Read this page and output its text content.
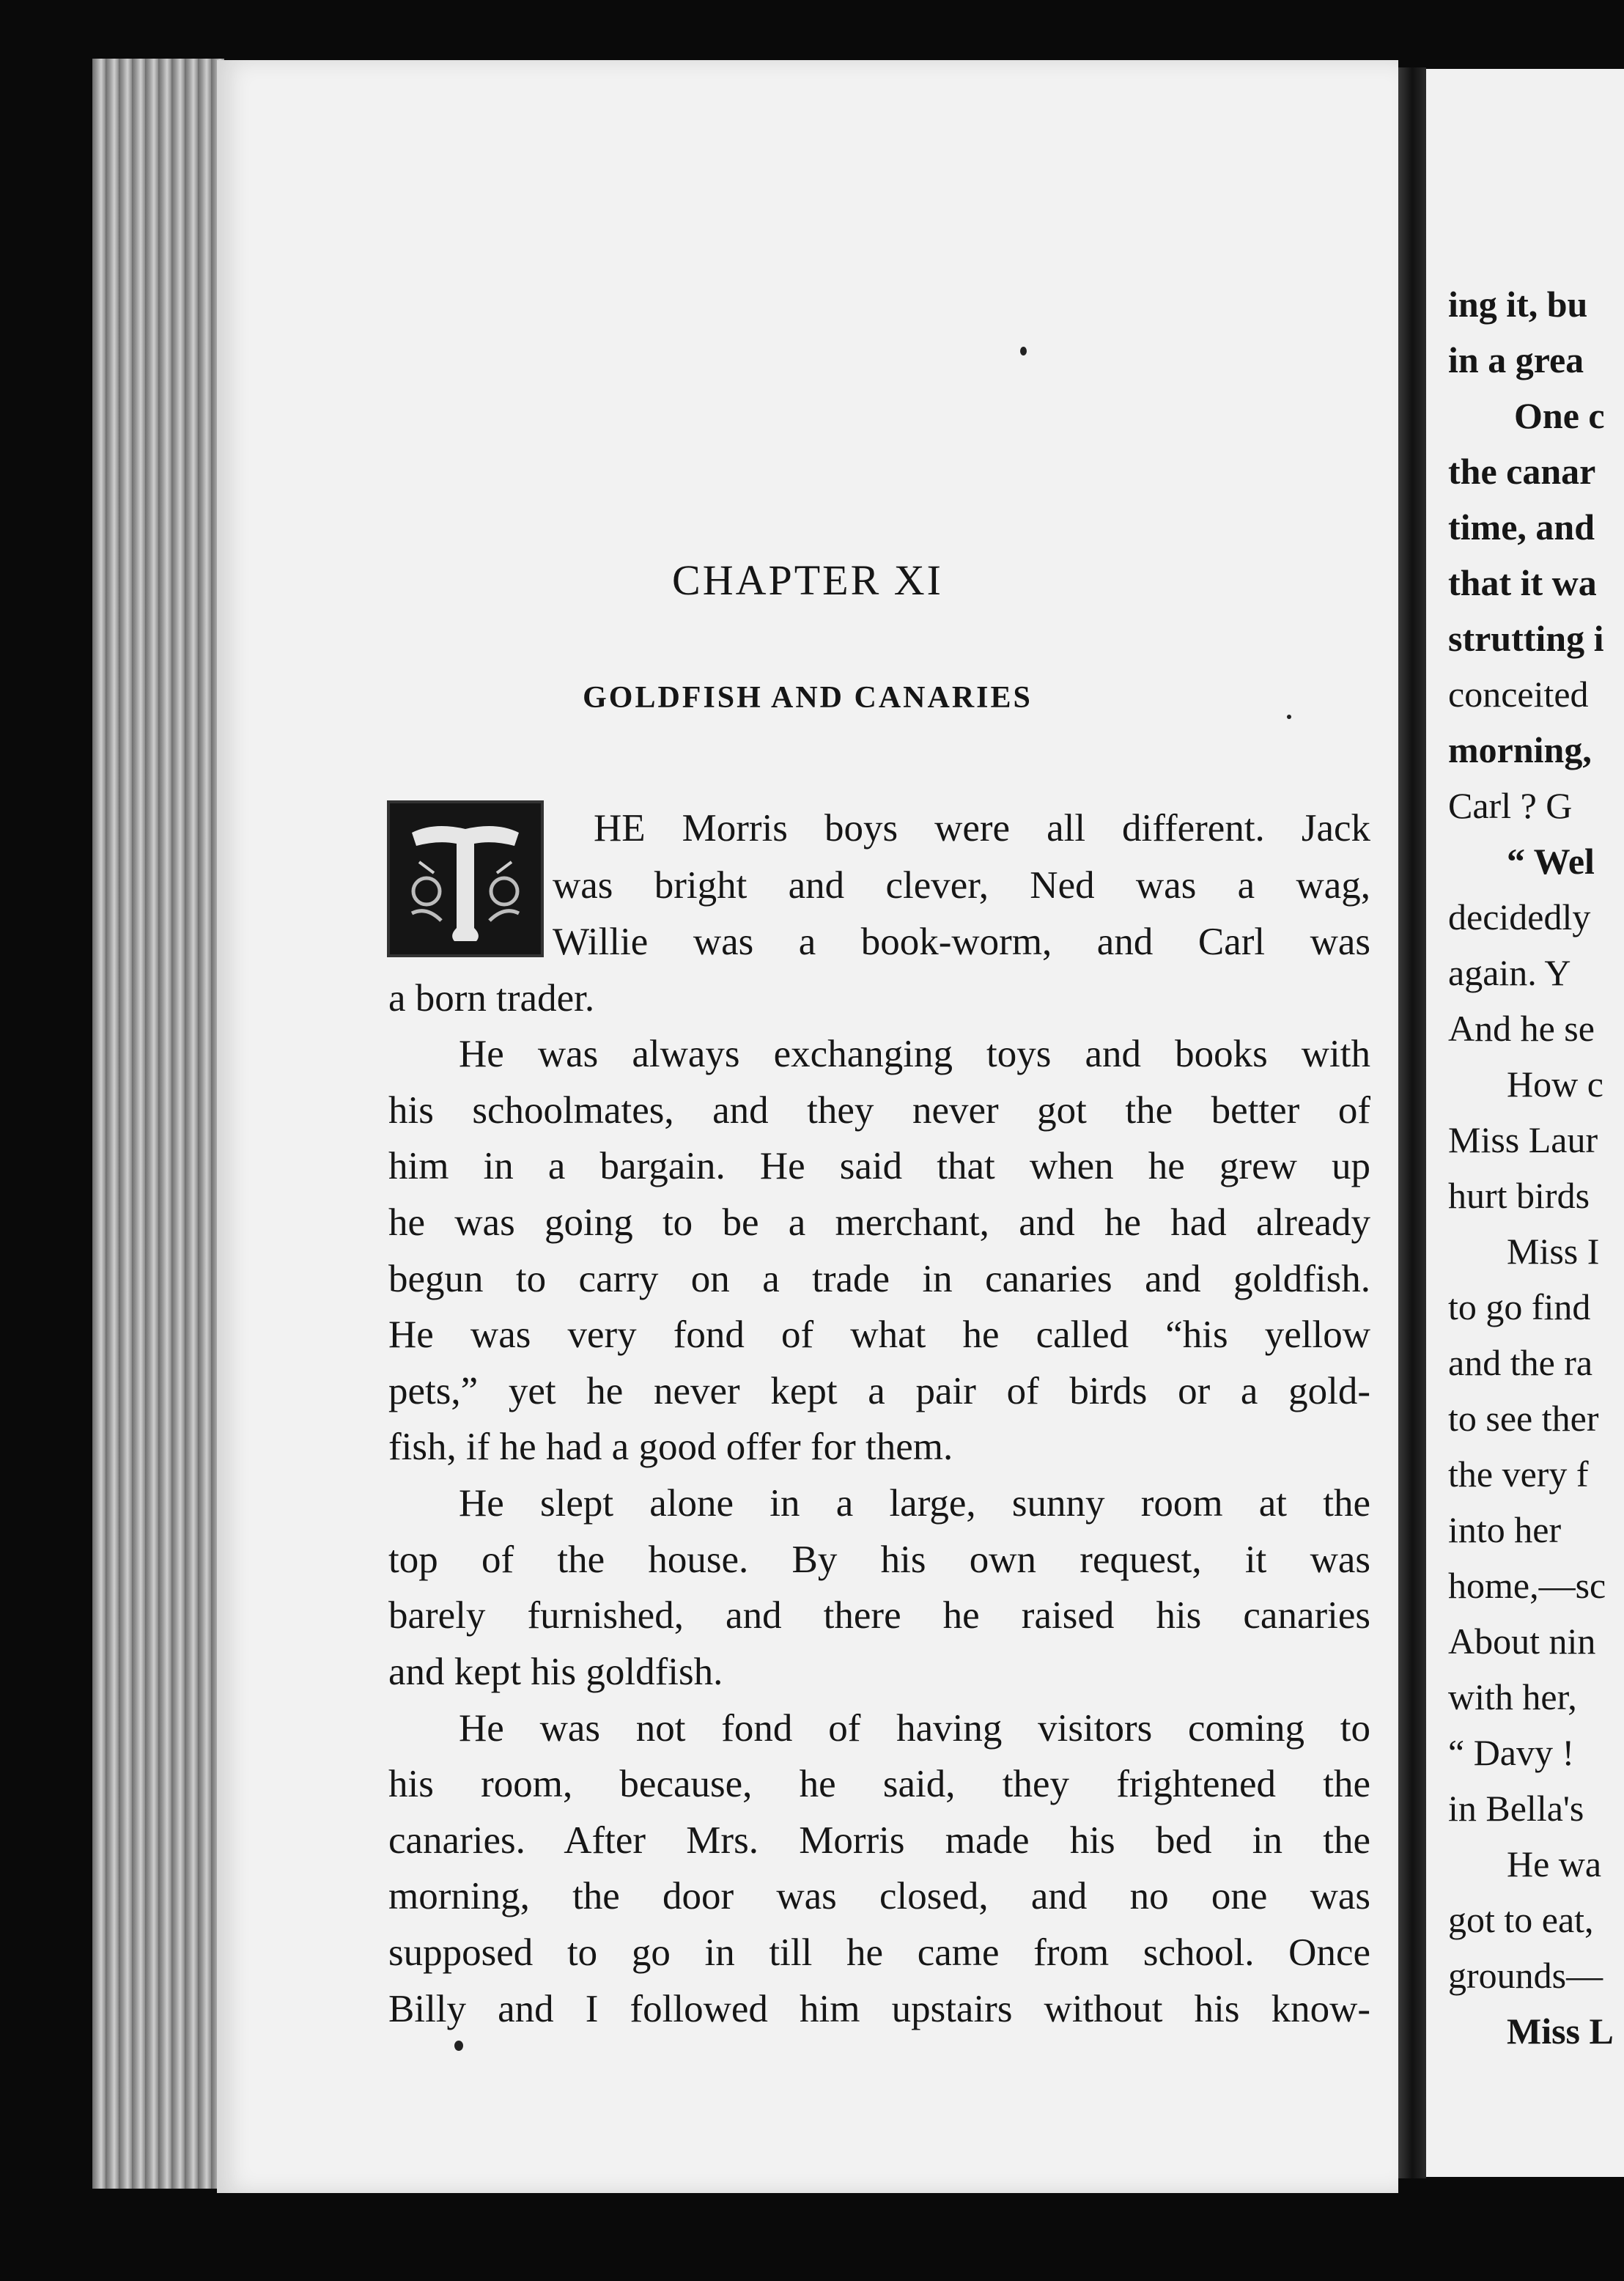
CHAPTER XI
GOLDFISH AND CANARIES
HE Morris boys were all different. Jack
was bright and clever, Ned was a wag,
Willie was a book-worm, and Carl was
a born trader.
He was always exchanging toys and books with
his schoolmates, and they never got the better of
him in a bargain. He said that when he grew up
he was going to be a merchant, and he had already
begun to carry on a trade in canaries and goldfish.
He was very fond of what he called “his yellow
pets,” yet he never kept a pair of birds or a gold-
fish, if he had a good offer for them.
He slept alone in a large, sunny room at the
top of the house. By his own request, it was
barely furnished, and there he raised his canaries
and kept his goldfish.
He was not fond of having visitors coming to
his room, because, he said, they frightened the
canaries. After Mrs. Morris made his bed in the
morning, the door was closed, and no one was
supposed to go in till he came from school. Once
Billy and I followed him upstairs without his know-
ing it, bu
in a grea
One c
the canar
time, and
that it wa
strutting i
conceited
morning,
Carl ? G
“ Wel
decidedly
again. Y
And he se
How c
Miss Laur
hurt birds
Miss I
to go find
and the ra
to see ther
the very f
into her
home,—sc
About nin
with her,
“ Davy !
in Bella's
He wa
got to eat,
grounds—
Miss L
